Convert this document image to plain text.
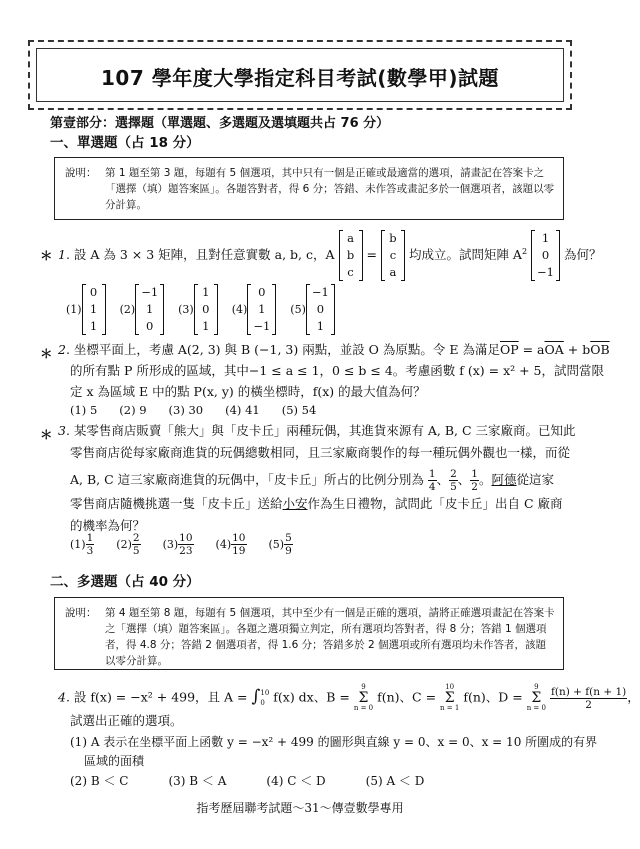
107 學年度大學指定科目考試(數學甲)試題
第壹部分：選擇題（單選題、多選題及選填題共占 76 分）
一、單選題（占 18 分）
說明： 第 1 題至第 3 題，每題有 5 個選項，其中只有一個是正確或最適當的選項，請畫記在答案卡之「選擇（填）題答案區」。各題答對者，得 6 分；答錯、未作答或畫記多於一個選項者，該題以零分計算。
＊ 1. 設 A 為 3 × 3 矩陣，且對任意實數 a, b, c，A
a
b
c
=
b
c
a
均成立。試問矩陣 $A^2$
1
0
−1
為何？
(1)
0
1
1
(2)
−1
1
0
(3)
1
0
1
(4)
0
1
−1
(5)
−1
0
1
＊ 2. 坐標平面上，考慮 A(2, 3) 與 B (−1, 3) 兩點，並設 O 為原點。令 E 為滿足$\overline{OP} = a\overline{OA} + b\overline{OB}$
的所有點 P 所形成的區域，其中−1 ≤ a ≤ 1，0 ≤ b ≤ 4。考慮函數 f (x) = x² + 5，試問當限
定 x 為區域 E 中的點 P(x, y) 的橫坐標時，f(x) 的最大值為何？
(1) 5 (2) 9 (3) 30 (4) 41 (5) 54
＊ 3. 某零售商店販賣「熊大」與「皮卡丘」兩種玩偶，其進貨來源有 A, B, C 三家廠商。已知此
零售商店從每家廠商進貨的玩偶總數相同，且三家廠商製作的每一種玩偶外觀也一樣，而從
A, B, C 這三家廠商進貨的玩偶中，「皮卡丘」所占的比例分別為 $\frac{1}{4}$ 、 $\frac{2}{5}$ 、 $\frac{1}{2}$ 。阿德從這家
零售商店隨機挑選一隻「皮卡丘」送給小安作為生日禮物，試問此「皮卡丘」出自 C 廠商
的機率為何？
$(1) \frac{1}{3} (2) \frac{2}{5} (3) \frac{10}{23} (4) \frac{10}{19} (5) \frac{5}{9}$
二、多選題（占 40 分）
說明： 第 4 題至第 8 題，每題有 5 個選項，其中至少有一個是正確的選項，請將正確選項畫記在答案卡之「選擇（填）題答案區」。各題之選項獨立判定，所有選項均答對者，得 8 分；答錯 1 個選項者，得 4.8 分；答錯 2 個選項者，得 1.6 分；答錯多於 2 個選項或所有選項均未作答者，該題以零分計算。
4. 設 f(x) = −x² + 499，且 A = ∫ 10
0 f(x) dx、B = 9
Σ
n = 0 f(n)、C = 10
Σ
n = 1 f(n)、D = 9
Σ
$n = 0 \frac{f(n) + f(n + 1)}{2}$ ，
試選出正確的選項。
(1) A 表示在坐標平面上函數 y = −x² + 499 的圖形與直線 y = 0、x = 0、x = 10 所圍成的有界
區域的面積
(2) B ＜ C	(3) B ＜ A	(4) C ＜ D	(5) A ＜ D
指考歷屆聯考試題～31～傳壹數學專用
